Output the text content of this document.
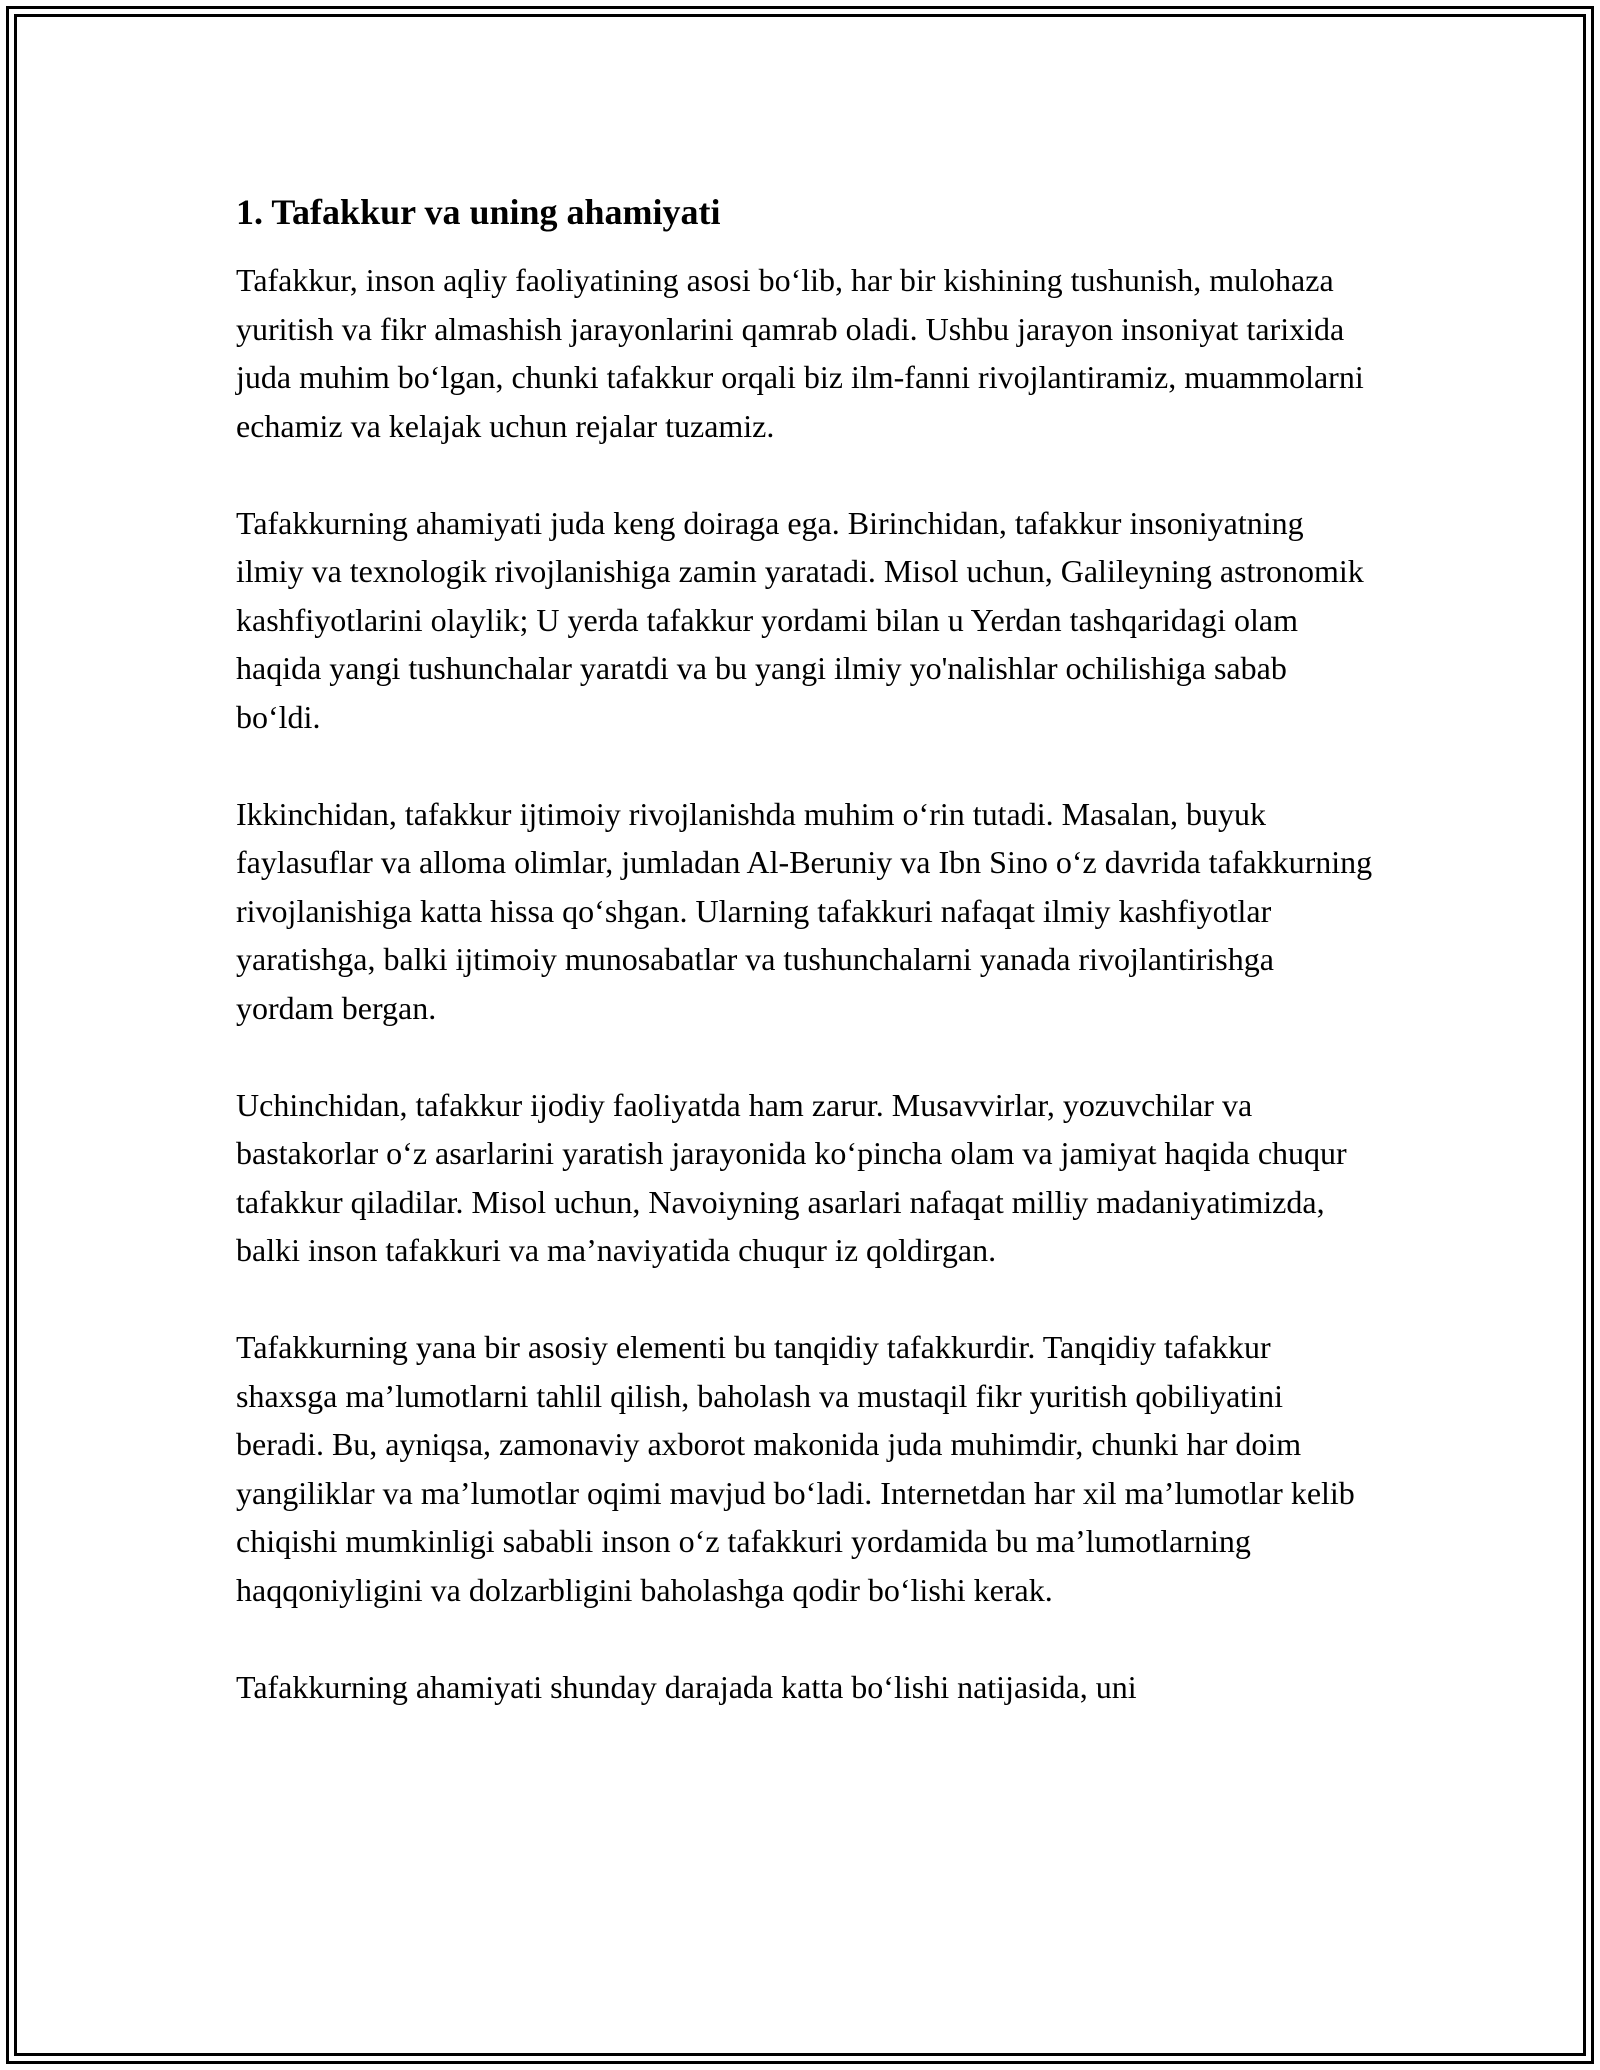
1. Tafakkur va uning ahamiyati

Tafakkur, inson aqliy faoliyatining asosi bo‘lib, har bir kishining tushunish, mulohaza yuritish va fikr almashish jarayonlarini qamrab oladi. Ushbu jarayon insoniyat tarixida juda muhim bo‘lgan, chunki tafakkur orqali biz ilm-fanni rivojlantiramiz, muammolarni echamiz va kelajak uchun rejalar tuzamiz.

Tafakkurning ahamiyati juda keng doiraga ega. Birinchidan, tafakkur insoniyatning ilmiy va texnologik rivojlanishiga zamin yaratadi. Misol uchun, Galileyning astronomik kashfiyotlarini olaylik; U yerda tafakkur yordami bilan u Yerdan tashqaridagi olam haqida yangi tushunchalar yaratdi va bu yangi ilmiy yo'nalishlar ochilishiga sabab bo‘ldi.

Ikkinchidan, tafakkur ijtimoiy rivojlanishda muhim o‘rin tutadi. Masalan, buyuk faylasuflar va alloma olimlar, jumladan Al-Beruniy va Ibn Sino o‘z davrida tafakkurning rivojlanishiga katta hissa qo‘shgan. Ularning tafakkuri nafaqat ilmiy kashfiyotlar yaratishga, balki ijtimoiy munosabatlar va tushunchalarni yanada rivojlantirishga yordam bergan.

Uchinchidan, tafakkur ijodiy faoliyatda ham zarur. Musavvirlar, yozuvchilar va bastakorlar o‘z asarlarini yaratish jarayonida ko‘pincha olam va jamiyat haqida chuqur tafakkur qiladilar. Misol uchun, Navoiyning asarlari nafaqat milliy madaniyatimizda, balki inson tafakkuri va ma’naviyatida chuqur iz qoldirgan.

Tafakkurning yana bir asosiy elementi bu tanqidiy tafakkurdir. Tanqidiy tafakkur shaxsga ma’lumotlarni tahlil qilish, baholash va mustaqil fikr yuritish qobiliyatini beradi. Bu, ayniqsa, zamonaviy axborot makonida juda muhimdir, chunki har doim yangiliklar va ma’lumotlar oqimi mavjud bo‘ladi. Internetdan har xil ma’lumotlar kelib chiqishi mumkinligi sababli inson o‘z tafakkuri yordamida bu ma’lumotlarning haqqoniyligini va dolzarbligini baholashga qodir bo‘lishi kerak.

Tafakkurning ahamiyati shunday darajada katta bo‘lishi natijasida, uni
